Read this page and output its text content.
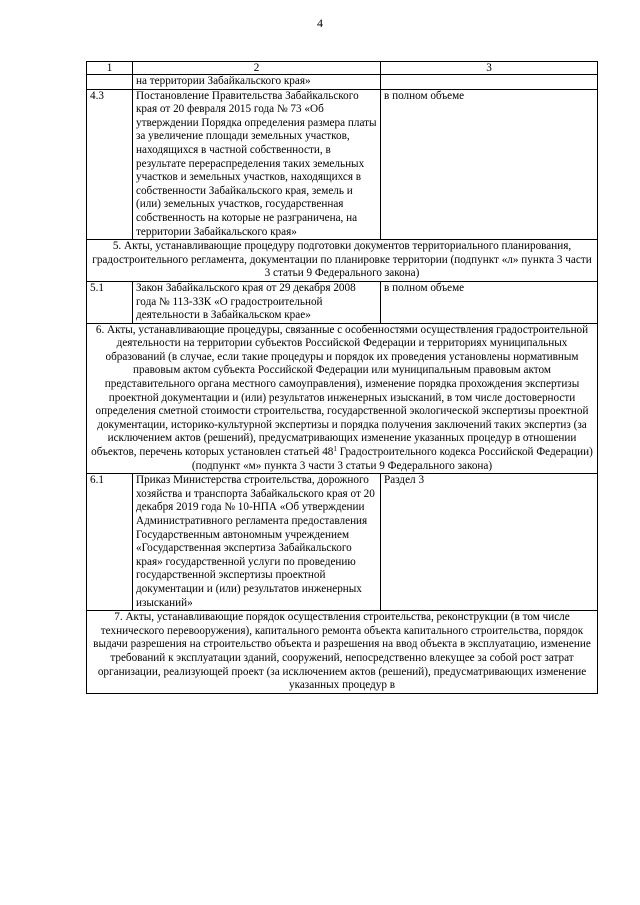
4
1	2	3
	на территории Забайкальского края»	
4.3	Постановление Правительства Забайкальского края от 20 февраля 2015 года № 73 «Об утверждении Порядка определения размера платы за увеличение площади земельных участков, находящихся в частной собственности, в результате перераспределения таких земельных участков и земельных участков, находящихся в собственности Забайкальского края, земель и (или) земельных участков, государственная собственность на которые не разграничена, на территории Забайкальского края»	в полном объеме
5. Акты, устанавливающие процедуру подготовки документов территориального планирования, градостроительного регламента, документации по планировке территории (подпункт «л» пункта 3 части 3 статьи 9 Федерального закона)		
5.1	Закон Забайкальского края от 29 декабря 2008 года № 113-ЗЗК «О градостроительной деятельности в Забайкальском крае»	в полном объеме
6. Акты, устанавливающие процедуры, связанные с особенностями осуществления градостроительной деятельности на территории субъектов Российской Федерации и территориях муниципальных образований (в случае, если такие процедуры и порядок их проведения установлены нормативным правовым актом субъекта Российской Федерации или муниципальным правовым актом представительного органа местного самоуправления), изменение порядка прохождения экспертизы проектной документации и (или) результатов инженерных изысканий, в том числе достоверности определения сметной стоимости строительства, государственной экологической экспертизы проектной документации, историко-культурной экспертизы и порядка получения заключений таких экспертиз (за исключением актов (решений), предусматривающих изменение указанных процедур в отношении объектов, перечень которых установлен статьей $48^1$ Градостроительного кодекса Российской Федерации) (подпункт «м» пункта 3 части 3 статьи 9 Федерального закона)		
6.1	Приказ Министерства строительства, дорожного хозяйства и транспорта Забайкальского края от 20 декабря 2019 года № 10-НПА «Об утверждении Административного регламента предоставления Государственным автономным учреждением «Государственная экспертиза Забайкальского края» государственной услуги по проведению государственной экспертизы проектной документации и (или) результатов инженерных изысканий»	Раздел 3
7. Акты, устанавливающие порядок осуществления строительства, реконструкции (в том числе технического перевооружения), капитального ремонта объекта капитального строительства, порядок выдачи разрешения на строительство объекта и разрешения на ввод объекта в эксплуатацию, изменение требований к эксплуатации зданий, сооружений, непосредственно влекущее за собой рост затрат организации, реализующей проект (за исключением актов (решений), предусматривающих изменение указанных процедур в		
